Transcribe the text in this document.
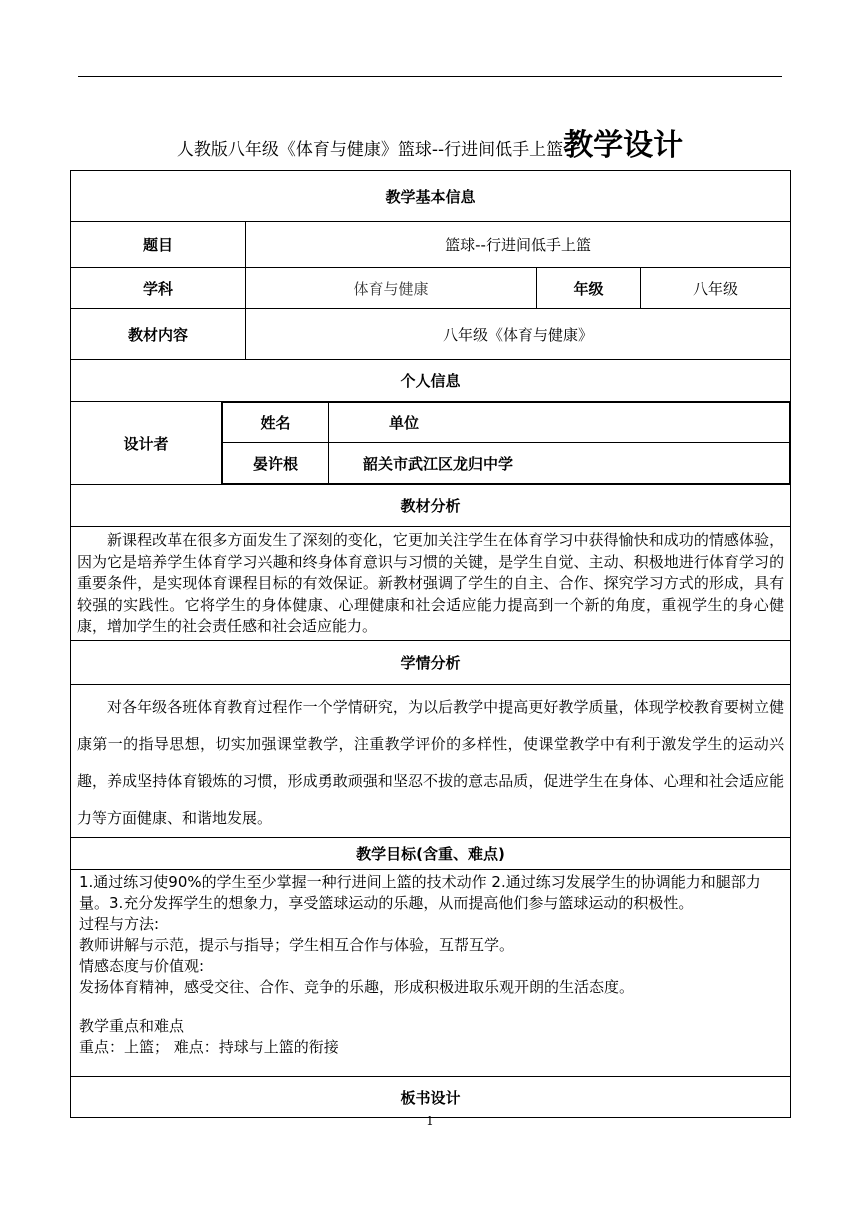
人教版八年级《体育与健康》篮球--行进间低手上篮教学设计
教学基本信息
题目	篮球--行进间低手上篮
学科	体育与健康	年级	八年级
教材内容	八年级《体育与健康》
个人信息
设计者	
姓名	单位
晏许根	韶关市武江区龙归中学

教材分析
新课程改革在很多方面发生了深刻的变化，它更加关注学生在体育学习中获得愉快和成功的情感体验，因为它是培养学生体育学习兴趣和终身体育意识与习惯的关键，是学生自觉、主动、积极地进行体育学习的重要条件，是实现体育课程目标的有效保证。新教材强调了学生的自主、合作、探究学习方式的形成，具有较强的实践性。它将学生的身体健康、心理健康和社会适应能力提高到一个新的角度，重视学生的身心健康，增加学生的社会责任感和社会适应能力。
学情分析
对各年级各班体育教育过程作一个学情研究，为以后教学中提高更好教学质量，体现学校教育要树立健康第一的指导思想，切实加强课堂教学，注重教学评价的多样性，使课堂教学中有利于激发学生的运动兴趣，养成坚持体育锻炼的习惯，形成勇敢顽强和坚忍不拔的意志品质，促进学生在身体、心理和社会适应能力等方面健康、和谐地发展。
教学目标(含重、难点)

1.通过练习使90%的学生至少掌握一种行进间上篮的技术动作 2.通过练习发展学生的协调能力和腿部力量。3.充分发挥学生的想象力，享受篮球运动的乐趣，从而提高他们参与篮球运动的积极性。
过程与方法:
教师讲解与示范，提示与指导；学生相互合作与体验，互帮互学。
情感态度与价值观:
发扬体育精神，感受交往、合作、竞争的乐趣，形成积极进取乐观开朗的生活态度。
教学重点和难点
重点：上篮； 难点：持球与上篮的衔接

板书设计
1
